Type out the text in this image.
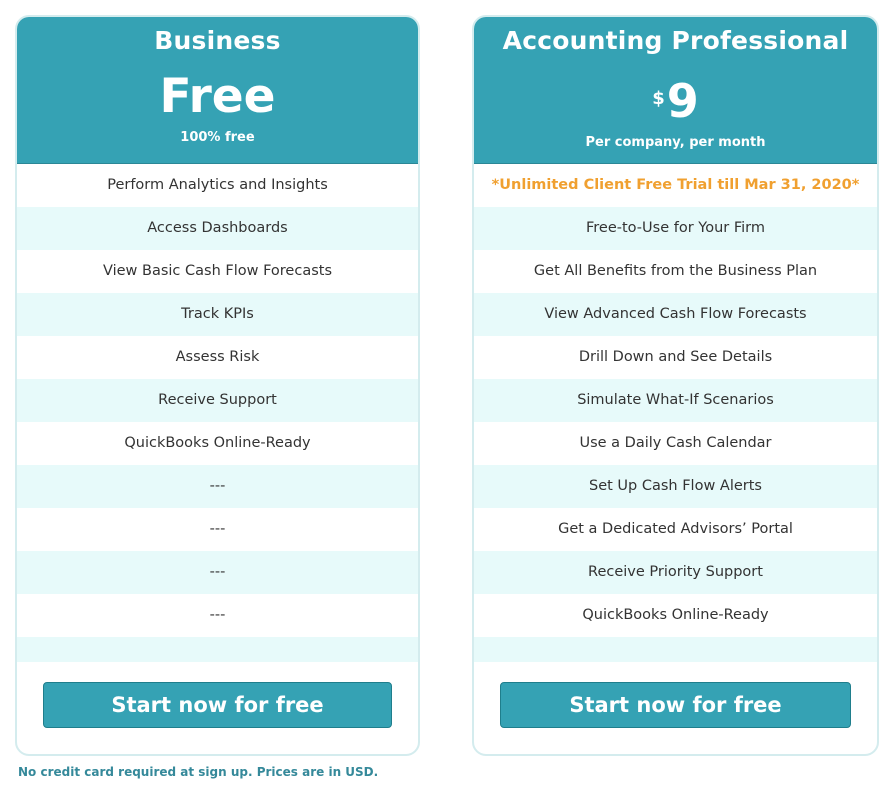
Business
Free
100% free
Perform Analytics and Insights
Access Dashboards
View Basic Cash Flow Forecasts
Track KPIs
Assess Risk
Receive Support
QuickBooks Online-Ready
---
---
---
---
Start now for free
Accounting Professional
$9
Per company, per month
*Unlimited Client Free Trial till Mar 31, 2020*
Free-to-Use for Your Firm
Get All Benefits from the Business Plan
View Advanced Cash Flow Forecasts
Drill Down and See Details
Simulate What-If Scenarios
Use a Daily Cash Calendar
Set Up Cash Flow Alerts
Get a Dedicated Advisors’ Portal
Receive Priority Support
QuickBooks Online-Ready
Start now for free
No credit card required at sign up. Prices are in USD.
